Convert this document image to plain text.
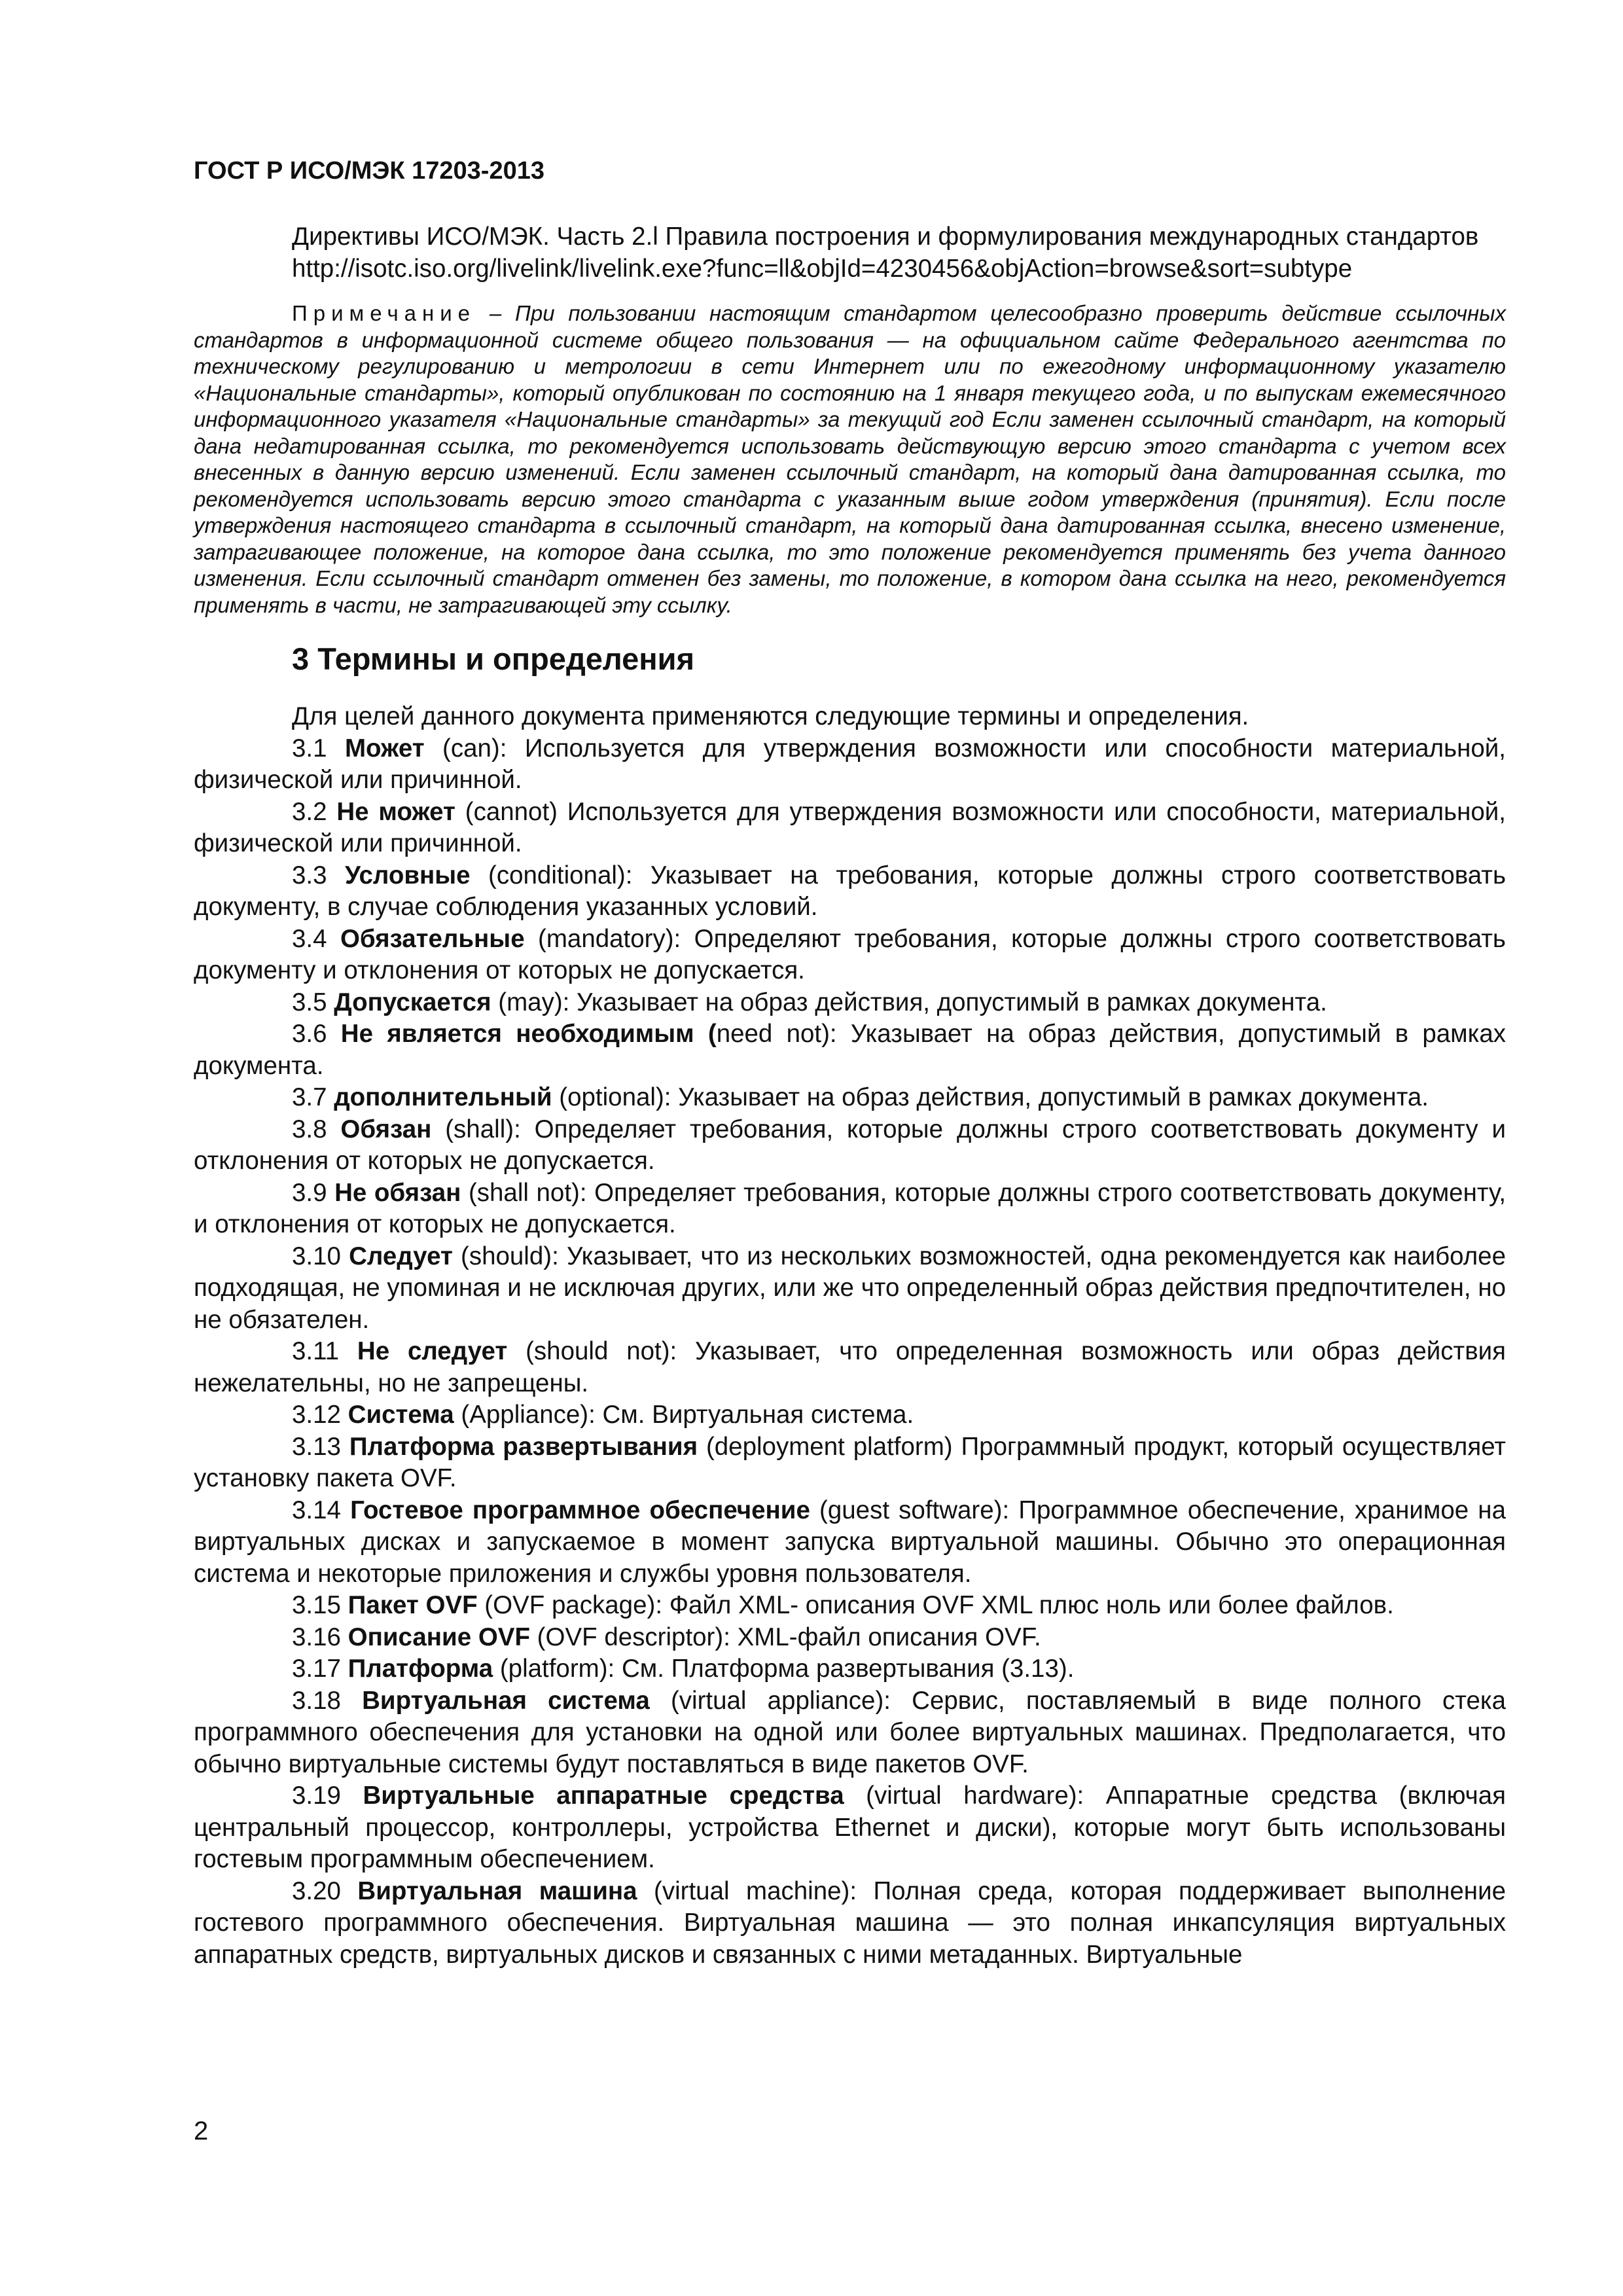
ГОСТ Р ИСО/МЭК 17203-2013

Директивы ИСО/МЭК. Часть 2.l Правила построения и формулирования международных стандартов

http://isotc.iso.org/livelink/livelink.exe?func=ll&objId=4230456&objAction=browse&sort=subtype

Примечание – При пользовании настоящим стандартом целесообразно проверить действие ссылочных стандартов в информационной системе общего пользования — на официальном сайте Федерального агентства по техническому регулированию и метрологии в сети Интернет или по ежегодному информационному указателю «Национальные стандарты», который опубликован по состоянию на 1 января текущего года, и по выпускам ежемесячного информационного указателя «Национальные стандарты» за текущий год Если заменен ссылочный стандарт, на который дана недатированная ссылка, то рекомендуется использовать действующую версию этого стандарта с учетом всех внесенных в данную версию изменений. Если заменен ссылочный стандарт, на который дана датированная ссылка, то рекомендуется использовать версию этого стандарта с указанным выше годом утверждения (принятия). Если после утверждения настоящего стандарта в ссылочный стандарт, на который дана датированная ссылка, внесено изменение, затрагивающее положение, на которое дана ссылка, то это положение рекомендуется применять без учета данного изменения. Если ссылочный стандарт отменен без замены, то положение, в котором дана ссылка на него, рекомендуется применять в части, не затрагивающей эту ссылку.

3 Термины и определения

Для целей данного документа применяются следующие термины и определения.

3.1 Может (can): Используется для утверждения возможности или способности материальной, физической или причинной.

3.2 Не может (cannot) Используется для утверждения возможности или способности, материальной, физической или причинной.

3.3 Условные (conditional): Указывает на требования, которые должны строго соответствовать документу, в случае соблюдения указанных условий.

3.4 Обязательные (mandatory): Определяют требования, которые должны строго соответствовать документу и отклонения от которых не допускается.

3.5 Допускается (may): Указывает на образ действия, допустимый в рамках документа.

3.6 Не является необходимым (need not): Указывает на образ действия, допустимый в рамках документа.

3.7 дополнительный (optional): Указывает на образ действия, допустимый в рамках документа.

3.8 Обязан (shall): Определяет требования, которые должны строго соответствовать документу и отклонения от которых не допускается.

3.9 Не обязан (shall not): Определяет требования, которые должны строго соответствовать документу, и отклонения от которых не допускается.

3.10 Следует (should): Указывает, что из нескольких возможностей, одна рекомендуется как наиболее подходящая, не упоминая и не исключая других, или же что определенный образ действия предпочтителен, но не обязателен.

3.11 Не следует (should not): Указывает, что определенная возможность или образ действия нежелательны, но не запрещены.

3.12 Система (Appliance): См. Виртуальная система.

3.13 Платформа развертывания (deployment platform) Программный продукт, который осуществляет установку пакета OVF.

3.14 Гостевое программное обеспечение (guest software): Программное обеспечение, хранимое на виртуальных дисках и запускаемое в момент запуска виртуальной машины. Обычно это операционная система и некоторые приложения и службы уровня пользователя.

3.15 Пакет OVF (OVF package): Файл XML- описания OVF XML плюс ноль или более файлов.

3.16 Описание OVF (OVF descriptor): XML-файл описания OVF.

3.17 Платформа (platform): См. Платформа развертывания (3.13).

3.18 Виртуальная система (virtual appliance): Сервис, поставляемый в виде полного стека программного обеспечения для установки на одной или более виртуальных машинах. Предполагается, что обычно виртуальные системы будут поставляться в виде пакетов OVF.

3.19 Виртуальные аппаратные средства (virtual hardware): Аппаратные средства (включая центральный процессор, контроллеры, устройства Ethernet и диски), которые могут быть использованы гостевым программным обеспечением.

3.20 Виртуальная машина (virtual machine): Полная среда, которая поддерживает выполнение гостевого программного обеспечения. Виртуальная машина — это полная инкапсуляция виртуальных аппаратных средств, виртуальных дисков и связанных с ними метаданных. Виртуальные

2
